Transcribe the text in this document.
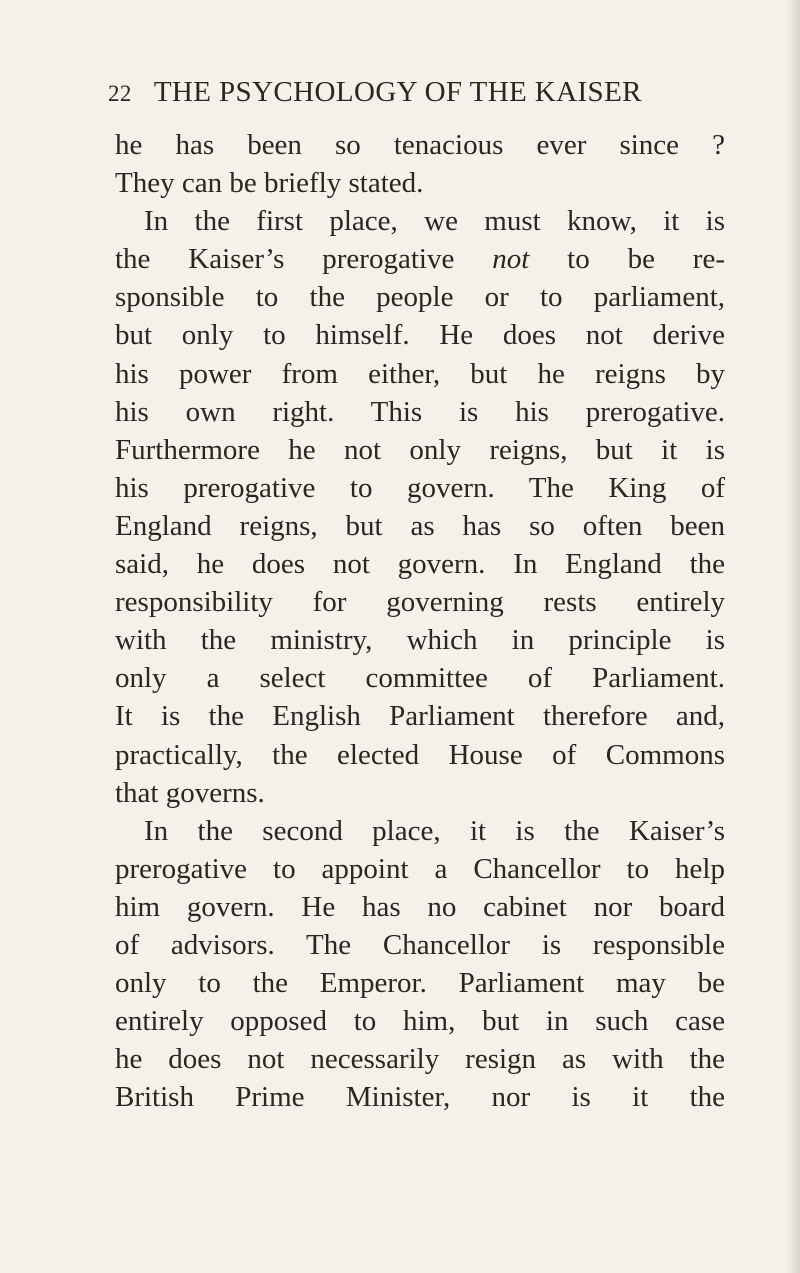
22 THE PSYCHOLOGY OF THE KAISER
he has been so tenacious ever since ?
They can be briefly stated.
In the first place, we must know, it is
the Kaiser’s prerogative not to be re-
sponsible to the people or to parliament,
but only to himself. He does not derive
his power from either, but he reigns by
his own right. This is his prerogative.
Furthermore he not only reigns, but it is
his prerogative to govern. The King of
England reigns, but as has so often been
said, he does not govern. In England the
responsibility for governing rests entirely
with the ministry, which in principle is
only a select committee of Parliament.
It is the English Parliament therefore and,
practically, the elected House of Commons
that governs.
In the second place, it is the Kaiser’s
prerogative to appoint a Chancellor to help
him govern. He has no cabinet nor board
of advisors. The Chancellor is responsible
only to the Emperor. Parliament may be
entirely opposed to him, but in such case
he does not necessarily resign as with the
British Prime Minister, nor is it the
